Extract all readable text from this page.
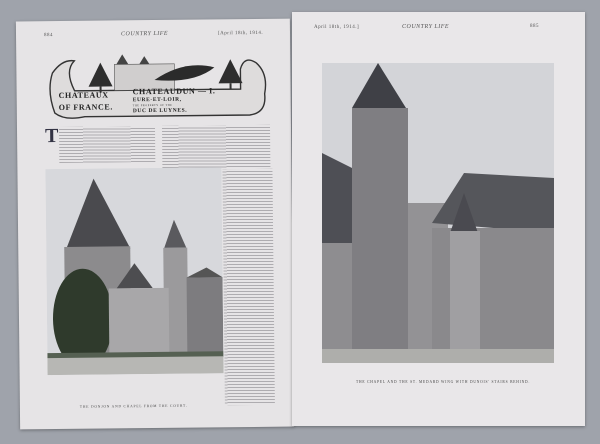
884	COUNTRY LIFE	[April 18th, 1914.
CHATEAUX
OF FRANCE.
CHATEAUDUN — I.
EURE-ET-LOIR,
THE PROPERTY OF THE
DUC DE LUYNES.
T
THE DONJON AND CHAPEL FROM THE COURT.
April 18th, 1914.]	COUNTRY LIFE	885
THE CHAPEL AND THE ST. MEDARD WING WITH DUNOIS' STAIRS BEHIND.
